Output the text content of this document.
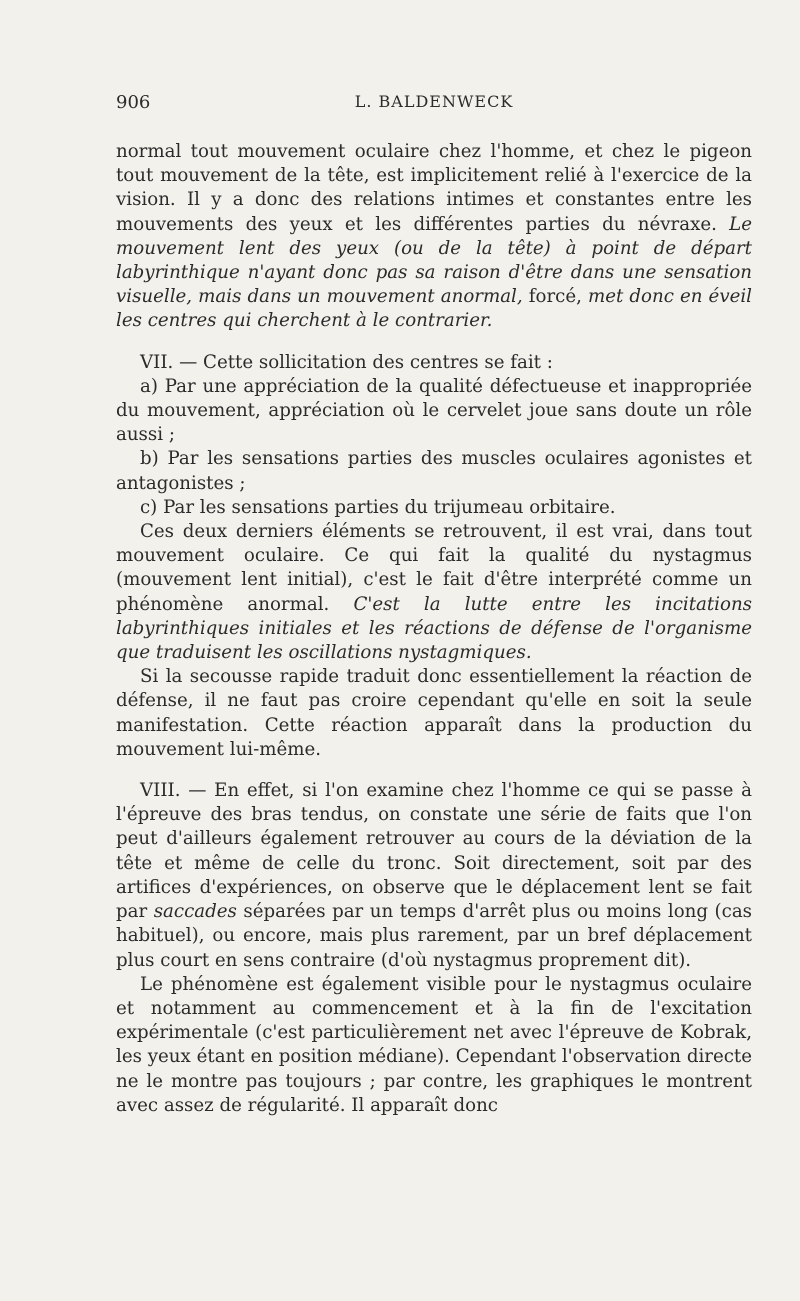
906	L. BALDENWECK

normal tout mouvement oculaire chez l'homme, et chez le pigeon tout mouvement de la tête, est implicitement relié à l'exercice de la vision. Il y a donc des relations intimes et constantes entre les mouvements des yeux et les différentes parties du névraxe. Le mouvement lent des yeux (ou de la tête) à point de départ labyrinthique n'ayant donc pas sa raison d'être dans une sensation visuelle, mais dans un mouvement anormal, forcé, met donc en éveil les centres qui cherchent à le contrarier.

VII. — Cette sollicitation des centres se fait :

a) Par une appréciation de la qualité défectueuse et inappropriée du mouvement, appréciation où le cervelet joue sans doute un rôle aussi ;

b) Par les sensations parties des muscles oculaires agonistes et antagonistes ;

c) Par les sensations parties du trijumeau orbitaire.

Ces deux derniers éléments se retrouvent, il est vrai, dans tout mouvement oculaire. Ce qui fait la qualité du nystagmus (mouvement lent initial), c'est le fait d'être interprété comme un phénomène anormal. C'est la lutte entre les incitations labyrinthiques initiales et les réactions de défense de l'organisme que traduisent les oscillations nystagmiques.

Si la secousse rapide traduit donc essentiellement la réaction de défense, il ne faut pas croire cependant qu'elle en soit la seule manifestation. Cette réaction apparaît dans la production du mouvement lui-même.

VIII. — En effet, si l'on examine chez l'homme ce qui se passe à l'épreuve des bras tendus, on constate une série de faits que l'on peut d'ailleurs également retrouver au cours de la déviation de la tête et même de celle du tronc. Soit directement, soit par des artifices d'expériences, on observe que le déplacement lent se fait par saccades séparées par un temps d'arrêt plus ou moins long (cas habituel), ou encore, mais plus rarement, par un bref déplacement plus court en sens contraire (d'où nystagmus proprement dit).

Le phénomène est également visible pour le nystagmus oculaire et notamment au commencement et à la fin de l'excitation expérimentale (c'est particulièrement net avec l'épreuve de Kobrak, les yeux étant en position médiane). Cependant l'observation directe ne le montre pas toujours ; par contre, les graphiques le montrent avec assez de régularité. Il apparaît donc
